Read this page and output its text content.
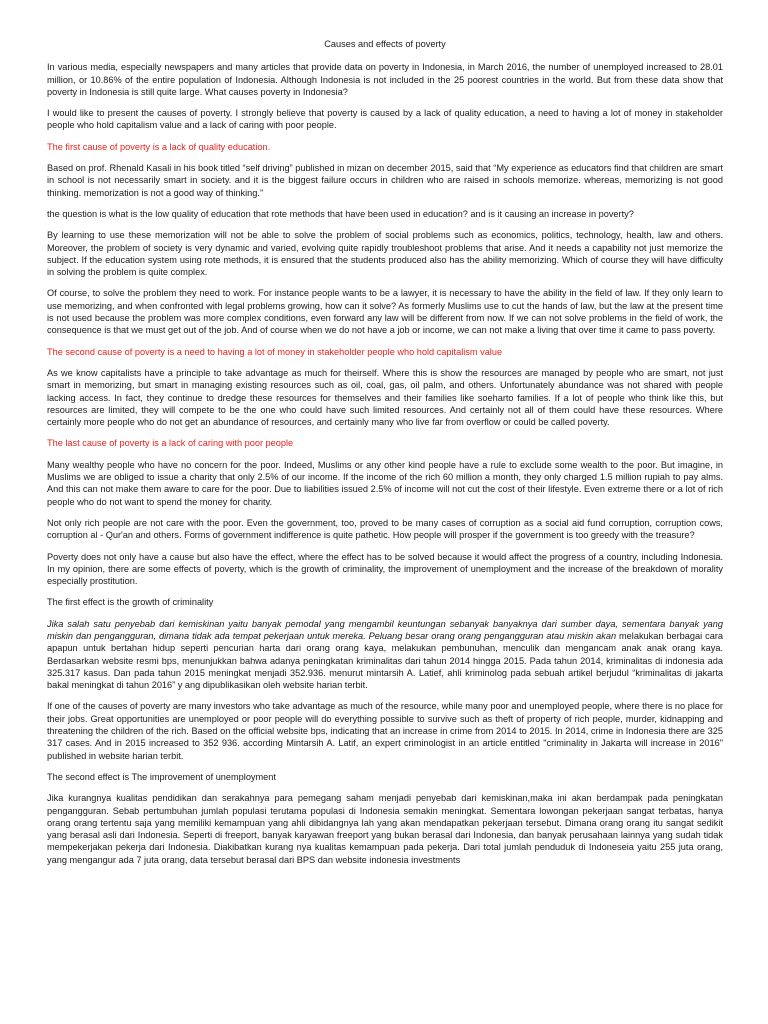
Causes and effects of poverty

In various media, especially newspapers and many articles that provide data on poverty in Indonesia, in March 2016, the number of unemployed increased to 28.01 million, or 10.86% of the entire population of Indonesia. Although Indonesia is not included in the 25 poorest countries in the world. But from these data show that poverty in Indonesia is still quite large. What causes poverty in Indonesia?

I would like to present the causes of poverty. I strongly believe that poverty is caused by a lack of quality education, a need to having a lot of money in stakeholder people who hold capitalism value and a lack of caring with poor people.

The first cause of poverty is a lack of quality education.

Based on prof. Rhenald Kasali in his book titled “self driving” published in mizan on december 2015, said that “My experience as educators find that children are smart in school is not necessarily smart in society. and it is the biggest failure occurs in children who are raised in schools memorize. whereas, memorizing is not good thinking. memorization is not a good way of thinking.”

the question is what is the low quality of education that rote methods that have been used in education? and is it causing an increase in poverty?

By learning to use these memorization will not be able to solve the problem of social problems such as economics, politics, technology, health, law and others. Moreover, the problem of society is very dynamic and varied, evolving quite rapidly troubleshoot problems that arise. And it needs a capability not just memorize the subject. If the education system using rote methods, it is ensured that the students produced also has the ability memorizing. Which of course they will have difficulty in solving the problem is quite complex.

Of course, to solve the problem they need to work. For instance people wants to be a lawyer, it is necessary to have the ability in the field of law. If they only learn to use memorizing, and when confronted with legal problems growing, how can it solve? As formerly Muslims use to cut the hands of law, but the law at the present time is not used because the problem was more complex conditions, even forward any law will be different from now. If we can not solve problems in the field of work, the consequence is that we must get out of the job. And of course when we do not have a job or income, we can not make a living that over time it came to pass poverty.

The second cause of poverty is a need to having a lot of money in stakeholder people who hold capitalism value

As we know capitalists have a principle to take advantage as much for theirself. Where this is show the resources are managed by people who are smart, not just smart in memorizing, but smart in managing existing resources such as oil, coal, gas, oil palm, and others. Unfortunately abundance was not shared with people lacking access. In fact, they continue to dredge these resources for themselves and their families like soeharto families. If a lot of people who think like this, but resources are limited, they will compete to be the one who could have such limited resources. And certainly not all of them could have these resources. Where certainly more people who do not get an abundance of resources, and certainly many who live far from overflow or could be called poverty.

The last cause of poverty is a lack of caring with poor people

Many wealthy people who have no concern for the poor. Indeed, Muslims or any other kind people have a rule to exclude some wealth to the poor. But imagine, in Muslims we are obliged to issue a charity that only 2.5% of our income. If the income of the rich 60 million a month, they only charged 1.5 million rupiah to pay alms. And this can not make them aware to care for the poor. Due to liabilities issued 2.5% of income will not cut the cost of their lifestyle. Even extreme there or a lot of rich people who do not want to spend the money for charity.

Not only rich people are not care with the poor. Even the government, too, proved to be many cases of corruption as a social aid fund corruption, corruption cows, corruption al - Qur'an and others. Forms of government indifference is quite pathetic. How people will prosper if the government is too greedy with the treasure?

Poverty does not only have a cause but also have the effect, where the effect has to be solved because it would affect the progress of a country, including Indonesia. In my opinion, there are some effects of poverty, which is the growth of criminality, the improvement of unemployment and the increase of the breakdown of morality especially prostitution.

The first effect is the growth of criminality

Jika salah satu penyebab dari kemiskinan yaitu banyak pemodal yang mengambil keuntungan sebanyak banyaknya dari sumber daya, sementara banyak yang miskin dan pengangguran, dimana tidak ada tempat pekerjaan untuk mereka. Peluang besar orang orang pengangguran atau miskin akan melakukan berbagai cara apapun untuk bertahan hidup seperti pencurian harta dari orang orang kaya, melakukan pembunuhan, menculik dan mengancam anak anak orang kaya. Berdasarkan website resmi bps, menunjukkan bahwa adanya peningkatan kriminalitas dari tahun 2014 hingga 2015. Pada tahun 2014, kriminalitas di indonesia ada 325.317 kasus. Dan pada tahun 2015 meningkat menjadi 352.936. menurut mintarsih A. Latief, ahli kriminolog pada sebuah artikel berjudul “kriminalitas di jakarta bakal meningkat di tahun 2016” y ang dipublikasikan oleh website harian terbit.

If one of the causes of poverty are many investors who take advantage as much of the resource, while many poor and unemployed people, where there is no place for their jobs. Great opportunities are unemployed or poor people will do everything possible to survive such as theft of property of rich people, murder, kidnapping and threatening the children of the rich. Based on the official website bps, indicating that an increase in crime from 2014 to 2015. In 2014, crime in Indonesia there are 325 317 cases. And in 2015 increased to 352 936. according Mintarsih A. Latif, an expert criminologist in an article entitled "criminality in Jakarta will increase in 2016" published in website harian terbit.

The second effect is The improvement of unemployment

Jika kurangnya kualitas pendidikan dan serakahnya para pemegang saham menjadi penyebab dari kemiskinan,maka ini akan berdampak pada peningkatan pengangguran. Sebab pertumbuhan jumlah populasi terutama populasi di Indonesia semakin meningkat. Sementara lowongan pekerjaan sangat terbatas, hanya orang orang tertentu saja yang memiliki kemampuan yang ahli dibidangnya lah yang akan mendapatkan pekerjaan tersebut. Dimana orang orang itu sangat sedikit yang berasal asli dari Indonesia. Seperti di freeport, banyak karyawan freeport yang bukan berasal dari Indonesia, dan banyak perusahaan lainnya yang sudah tidak mempekerjakan pekerja dari Indonesia. Diakibatkan kurang nya kualitas kemampuan pada pekerja. Dari total jumlah penduduk di Indoneseia yaitu 255 juta orang, yang mengangur ada 7 juta orang, data tersebut berasal dari BPS dan website indonesia investments
